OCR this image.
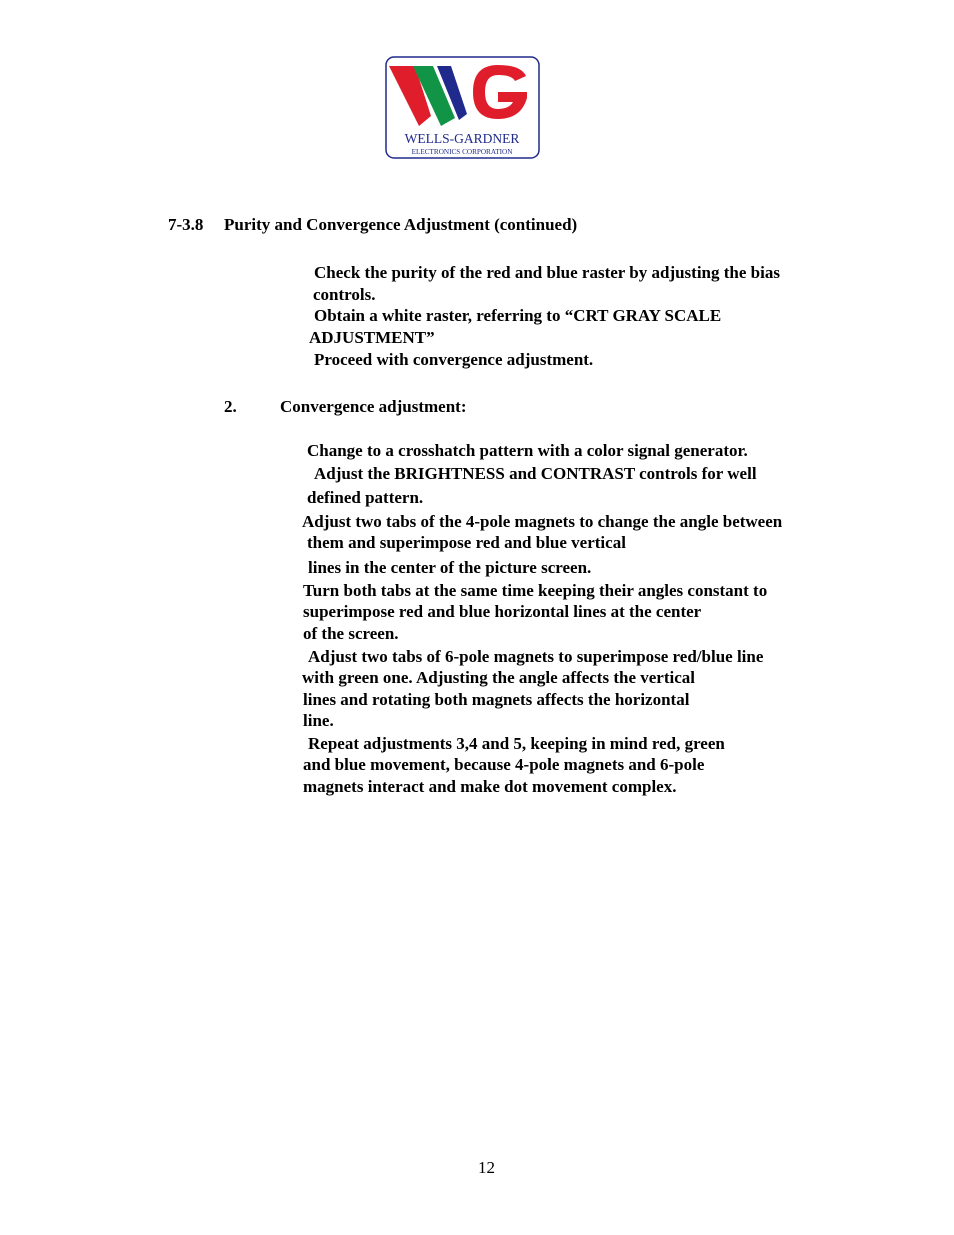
WELLS-GARDNER
ELECTRONICS CORPORATION
7-3.8 Purity and Convergence Adjustment (continued)
Check the purity of the red and blue raster by adjusting the bias
controls.
Obtain a white raster, referring to “CRT GRAY SCALE
ADJUSTMENT”
Proceed with convergence adjustment.
2.	Convergence adjustment:
Change to a crosshatch pattern with a color signal generator.
Adjust the BRIGHTNESS and CONTRAST controls for well
defined pattern.
Adjust two tabs of the 4-pole magnets to change the angle between
them and superimpose red and blue vertical
lines in the center of the picture screen.
Turn both tabs at the same time keeping their angles constant to
superimpose red and blue horizontal lines at the center
of the screen.
Adjust two tabs of 6-pole magnets to superimpose red/blue line
with green one. Adjusting the angle affects the vertical
lines and rotating both magnets affects the horizontal
line.
Repeat adjustments 3,4 and 5, keeping in mind red, green
and blue movement, because 4-pole magnets and 6-pole
magnets interact and make dot movement complex.
12
